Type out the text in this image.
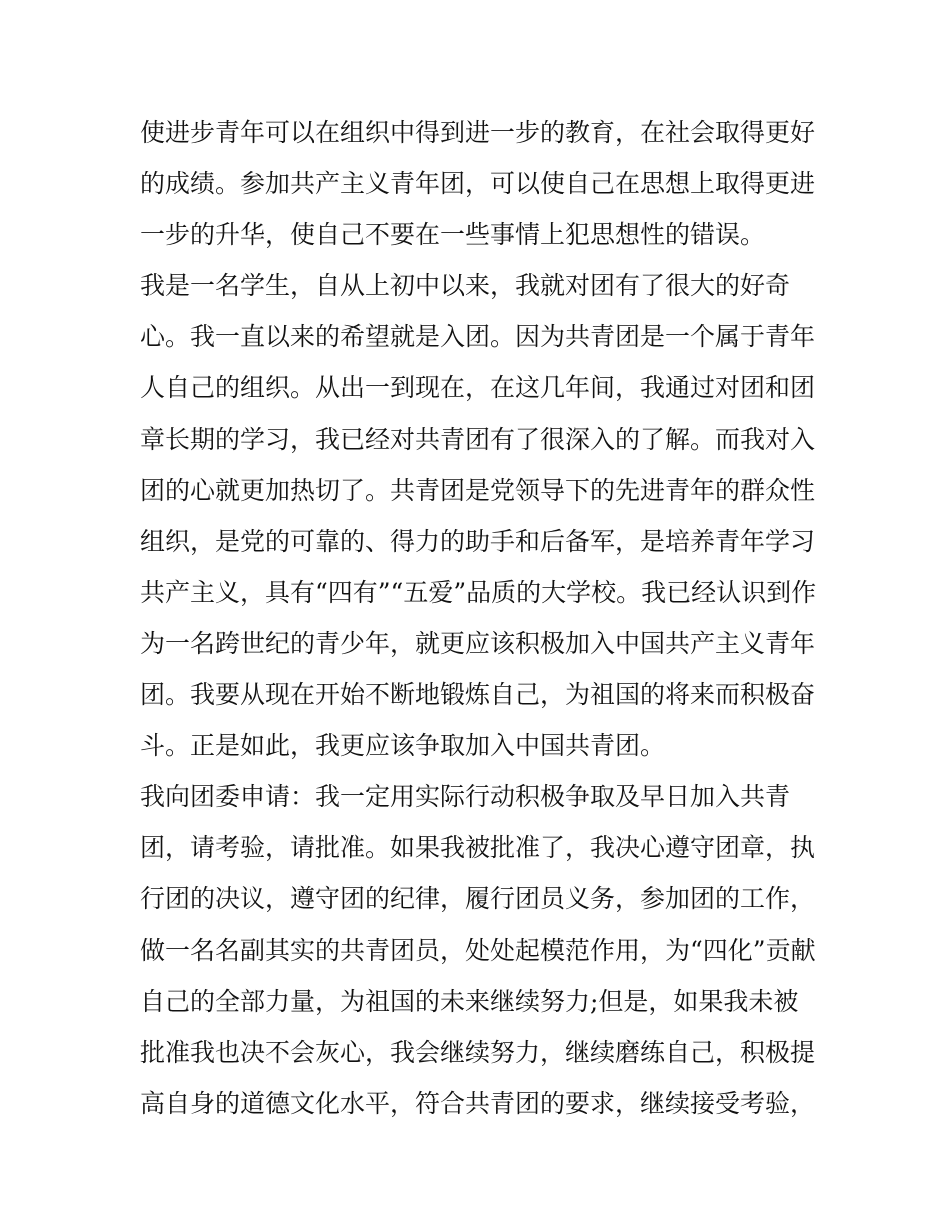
使进步青年可以在组织中得到进一步的教育，在社会取得更好
的成绩。参加共产主义青年团，可以使自己在思想上取得更进
一步的升华，使自己不要在一些事情上犯思想性的错误。
我是一名学生，自从上初中以来，我就对团有了很大的好奇
心。我一直以来的希望就是入团。因为共青团是一个属于青年
人自己的组织。从出一到现在，在这几年间，我通过对团和团
章长期的学习，我已经对共青团有了很深入的了解。而我对入
团的心就更加热切了。共青团是党领导下的先进青年的群众性
组织，是党的可靠的、得力的助手和后备军，是培养青年学习
共产主义，具有“四有”“五爱”品质的大学校。我已经认识到作
为一名跨世纪的青少年，就更应该积极加入中国共产主义青年
团。我要从现在开始不断地锻炼自己，为祖国的将来而积极奋
斗。正是如此，我更应该争取加入中国共青团。
我向团委申请：我一定用实际行动积极争取及早日加入共青
团，请考验，请批准。如果我被批准了，我决心遵守团章，执
行团的决议，遵守团的纪律，履行团员义务，参加团的工作，
做一名名副其实的共青团员，处处起模范作用，为“四化”贡献
自己的全部力量，为祖国的未来继续努力;但是，如果我未被
批准我也决不会灰心，我会继续努力，继续磨练自己，积极提
高自身的道德文化水平，符合共青团的要求，继续接受考验，
